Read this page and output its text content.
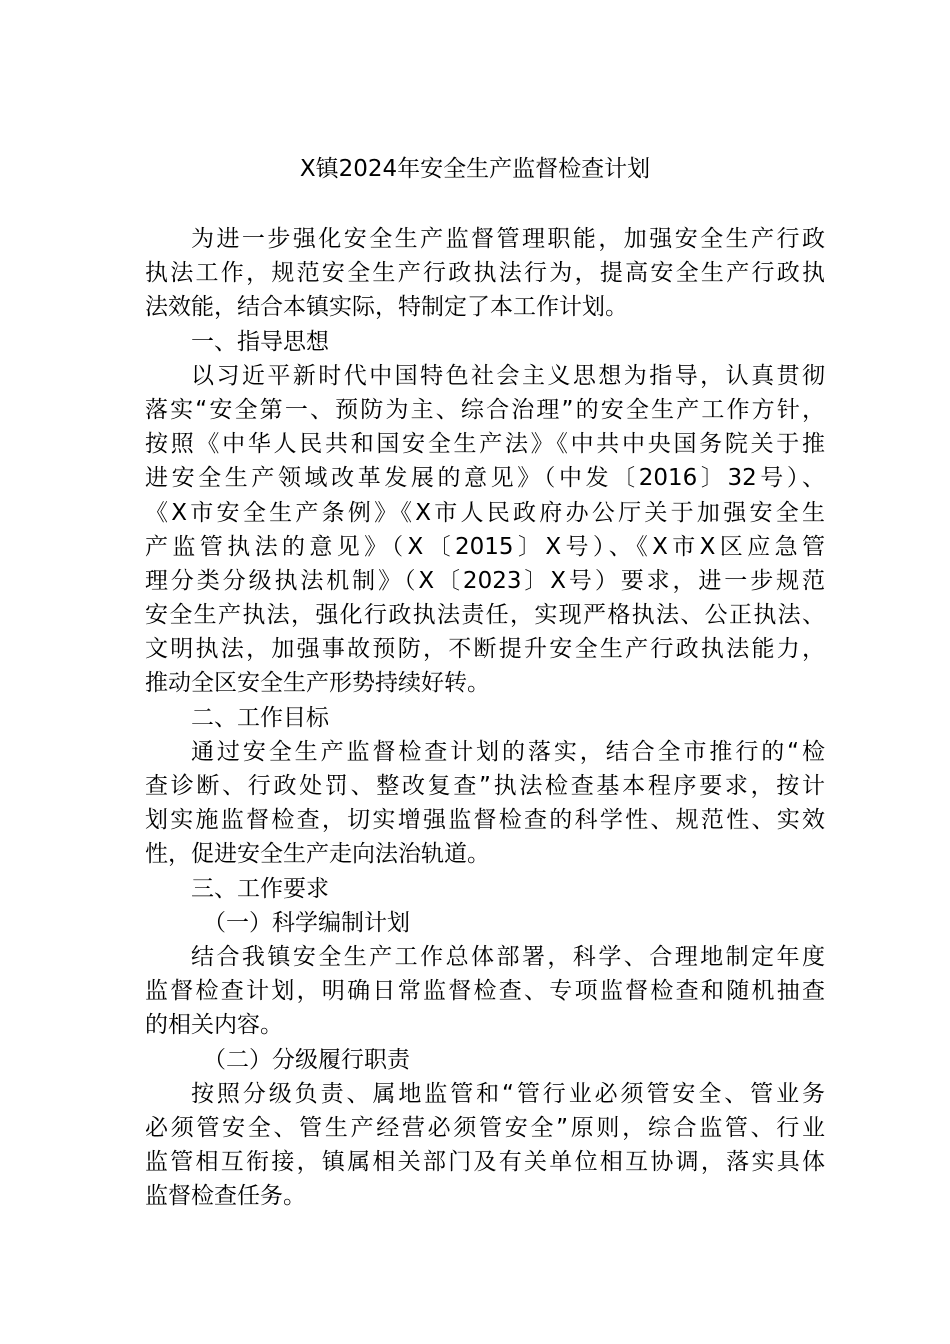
X镇2024年安全生产监督检查计划
为进一步强化安全生产监督管理职能，加强安全生产行政
执法工作，规范安全生产行政执法行为，提高安全生产行政执
法效能，结合本镇实际，特制定了本工作计划。
一、指导思想
以习近平新时代中国特色社会主义思想为指导，认真贯彻
落实“安全第一、预防为主、综合治理”的安全生产工作方针，
按照《中华人民共和国安全生产法》《中共中央国务院关于推
进安全生产领域改革发展的意见》（中发〔2016〕32号）、
《X市安全生产条例》《X市人民政府办公厅关于加强安全生
产监管执法的意见》（X〔2015〕X号）、《X市X区应急管
理分类分级执法机制》（X〔2023〕X号）要求，进一步规范
安全生产执法，强化行政执法责任，实现严格执法、公正执法、
文明执法，加强事故预防，不断提升安全生产行政执法能力，
推动全区安全生产形势持续好转。
二、工作目标
通过安全生产监督检查计划的落实，结合全市推行的“检
查诊断、行政处罚、整改复查”执法检查基本程序要求，按计
划实施监督检查，切实增强监督检查的科学性、规范性、实效
性，促进安全生产走向法治轨道。
三、工作要求
（一）科学编制计划
结合我镇安全生产工作总体部署，科学、合理地制定年度
监督检查计划，明确日常监督检查、专项监督检查和随机抽查
的相关内容。
（二）分级履行职责
按照分级负责、属地监管和“管行业必须管安全、管业务
必须管安全、管生产经营必须管安全”原则，综合监管、行业
监管相互衔接，镇属相关部门及有关单位相互协调，落实具体
监督检查任务。
